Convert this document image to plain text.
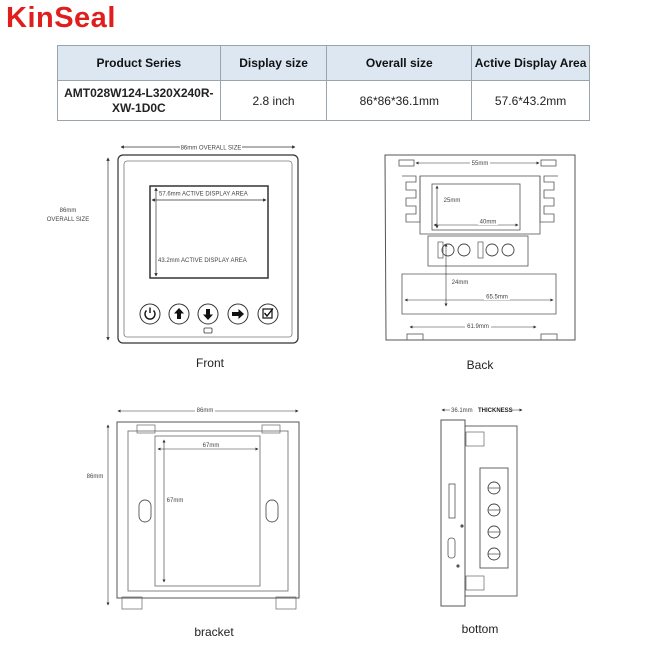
KinSeal
Product Series	Display size	Overall size	Active Display Area
AMT028W124-L320X240R-
XW-1D0C	2.8 inch	86*86*36.1mm	57.6*43.2mm
86mm OVERALL SIZE
86mm
OVERALL SIZE
57.6mm ACTIVE DISPLAY AREA
43.2mm ACTIVE DISPLAY AREA
55mm
25mm
40mm
24mm
65.5mm
61.9mm
86mm
86mm
67mm
67mm
36.1mm THICKNESS
Front	Back
bracket	bottom
